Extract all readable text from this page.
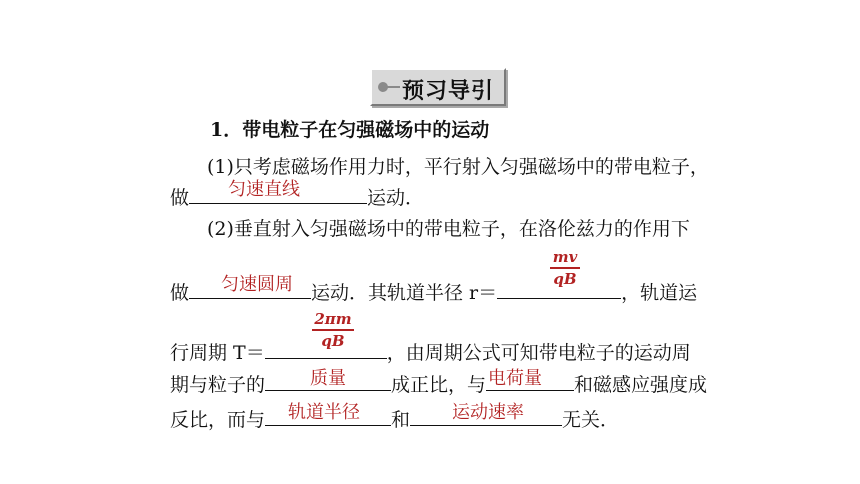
预习导引
1．带电粒子在匀强磁场中的运动
(1)只考虑磁场作用力时，平行射入匀强磁场中的带电粒子，
做	运动．
匀速直线
(2)垂直射入匀强磁场中的带电粒子，在洛伦兹力的作用下
做	运动．其轨道半径 r＝	，轨道运
匀速圆周
mv
qB
行周期 T＝	，由周期公式可知带电粒子的运动周
2πm
qB
期与粒子的	成正比，与	和磁感应强度成
质量	电荷量
反比，而与	和	无关．
轨道半径	运动速率
